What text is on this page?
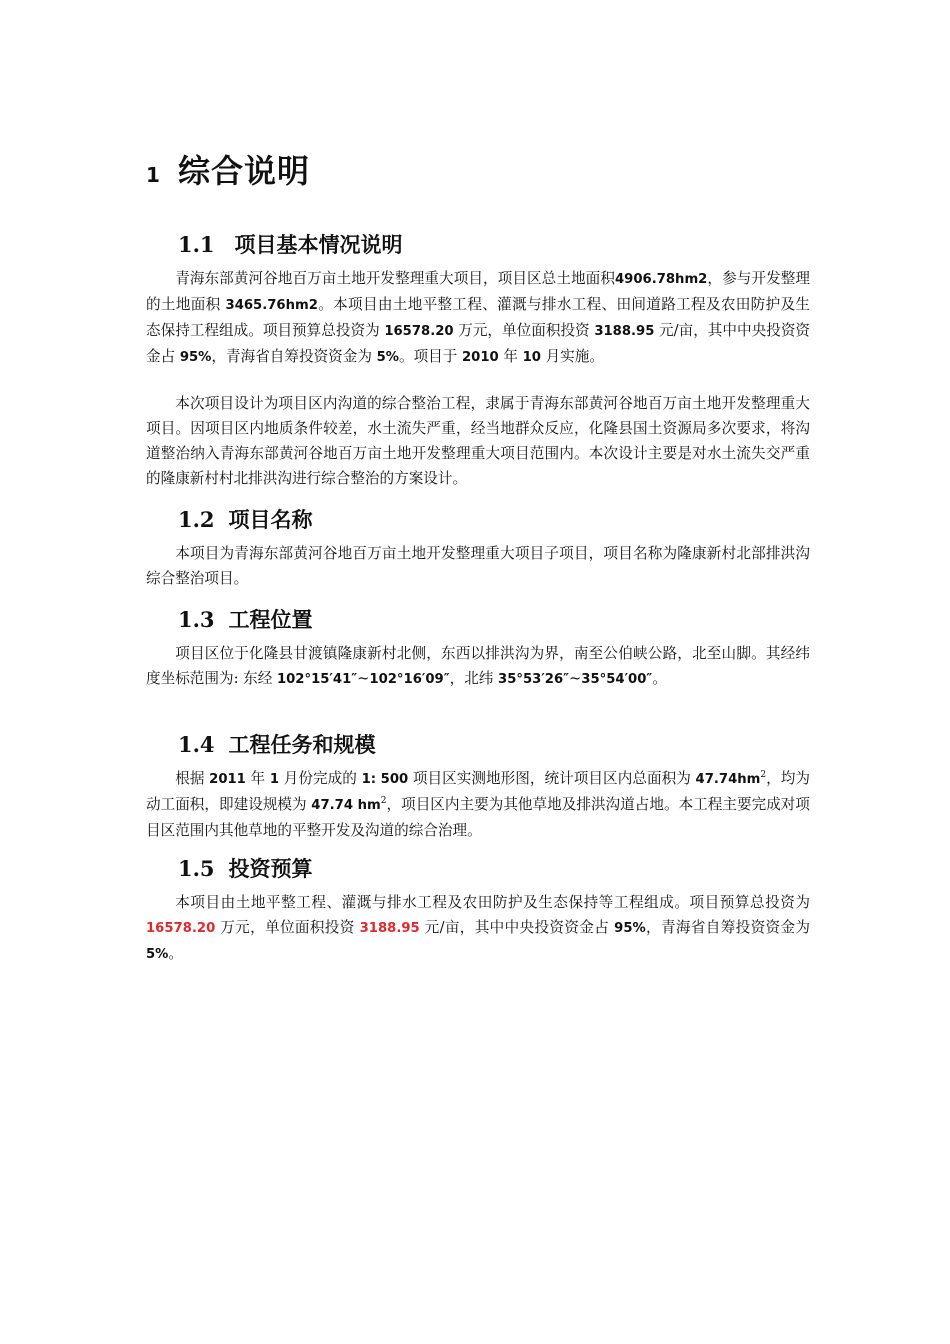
1 综合说明
1.1 项目基本情况说明

青海东部黄河谷地百万亩土地开发整理重大项目，项目区总土地面积4906.78hm2，参与开发整理的土地面积 3465.76hm2。本项目由土地平整工程、灌溉与排水工程、田间道路工程及农田防护及生态保持工程组成。项目预算总投资为 16578.20 万元，单位面积投资 3188.95 元/亩，其中中央投资资金占 95%，青海省自筹投资资金为 5%。项目于 2010 年 10 月实施。

本次项目设计为项目区内沟道的综合整治工程，隶属于青海东部黄河谷地百万亩土地开发整理重大项目。因项目区内地质条件较差，水土流失严重，经当地群众反应，化隆县国土资源局多次要求，将沟道整治纳入青海东部黄河谷地百万亩土地开发整理重大项目范围内。本次设计主要是对水土流失交严重的隆康新村村北排洪沟进行综合整治的方案设计。

1.2 项目名称

本项目为青海东部黄河谷地百万亩土地开发整理重大项目子项目，项目名称为隆康新村北部排洪沟综合整治项目。

1.3 工程位置

项目区位于化隆县甘渡镇隆康新村北侧，东西以排洪沟为界，南至公伯峡公路，北至山脚。其经纬度坐标范围为: 东经 102°15′41″~102°16′09″，北纬 35°53′26″~35°54′00″。

1.4 工程任务和规模

根据 2011 年 1 月份完成的 1: 500 项目区实测地形图，统计项目区内总面积为 $47.74hm^2$，均为动工面积，即建设规模为 47.74 $hm^2$，项目区内主要为其他草地及排洪沟道占地。本工程主要完成对项目区范围内其他草地的平整开发及沟道的综合治理。

1.5 投资预算

本项目由土地平整工程、灌溉与排水工程及农田防护及生态保持等工程组成。项目预算总投资为 16578.20 万元，单位面积投资 3188.95 元/亩，其中中央投资资金占 95%，青海省自筹投资资金为 5%。
